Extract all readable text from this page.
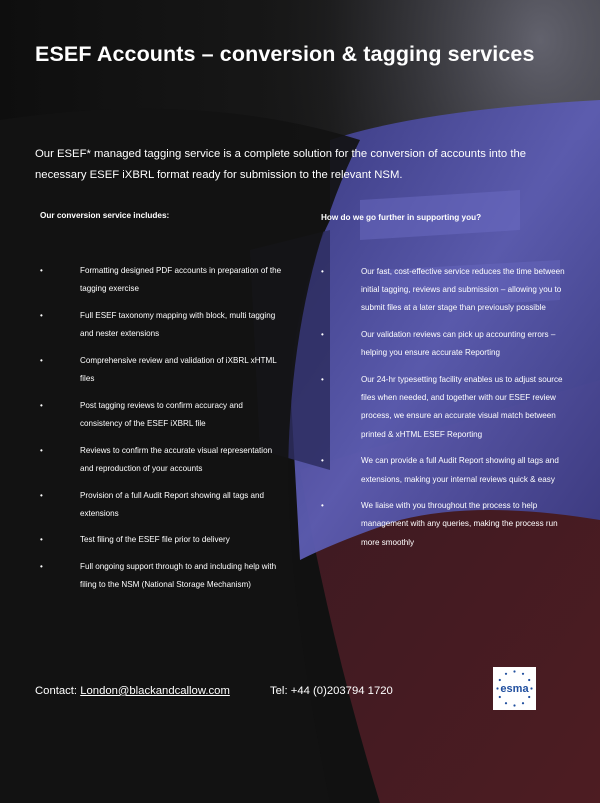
ESEF Accounts – conversion & tagging services
Our ESEF* managed tagging service is a complete solution for the conversion of accounts into the necessary ESEF iXBRL format ready for submission to the relevant NSM.
Our conversion service includes:	How do we go further in supporting you?
•	Formatting designed PDF accounts in preparation of the tagging exercise
•	Full ESEF taxonomy mapping with block, multi tagging and nester extensions
•	Comprehensive review and validation of iXBRL xHTML files
•	Post tagging reviews to confirm accuracy and consistency of the ESEF iXBRL file
•	Reviews to confirm the accurate visual representation and reproduction of your accounts
•	Provision of a full Audit Report showing all tags and extensions
•	Test filing of the ESEF file prior to delivery
•	Full ongoing support through to and including help with filing to the NSM (National Storage Mechanism)
•	Our fast, cost-effective service reduces the time between initial tagging, reviews and submission – allowing you to submit files at a later stage than previously possible
•	Our validation reviews can pick up accounting errors – helping you ensure accurate Reporting
•	Our 24-hr typesetting facility enables us to adjust source files when needed, and together with our ESEF review process, we ensure an accurate visual match between printed & xHTML ESEF Reporting
•	We can provide a full Audit Report showing all tags and extensions, making your internal reviews quick & easy
•	We liaise with you throughout the process to help management with any queries, making the process run more smoothly
Contact: London@blackandcallow.com	Tel: +44 (0)203794 1720	esma
